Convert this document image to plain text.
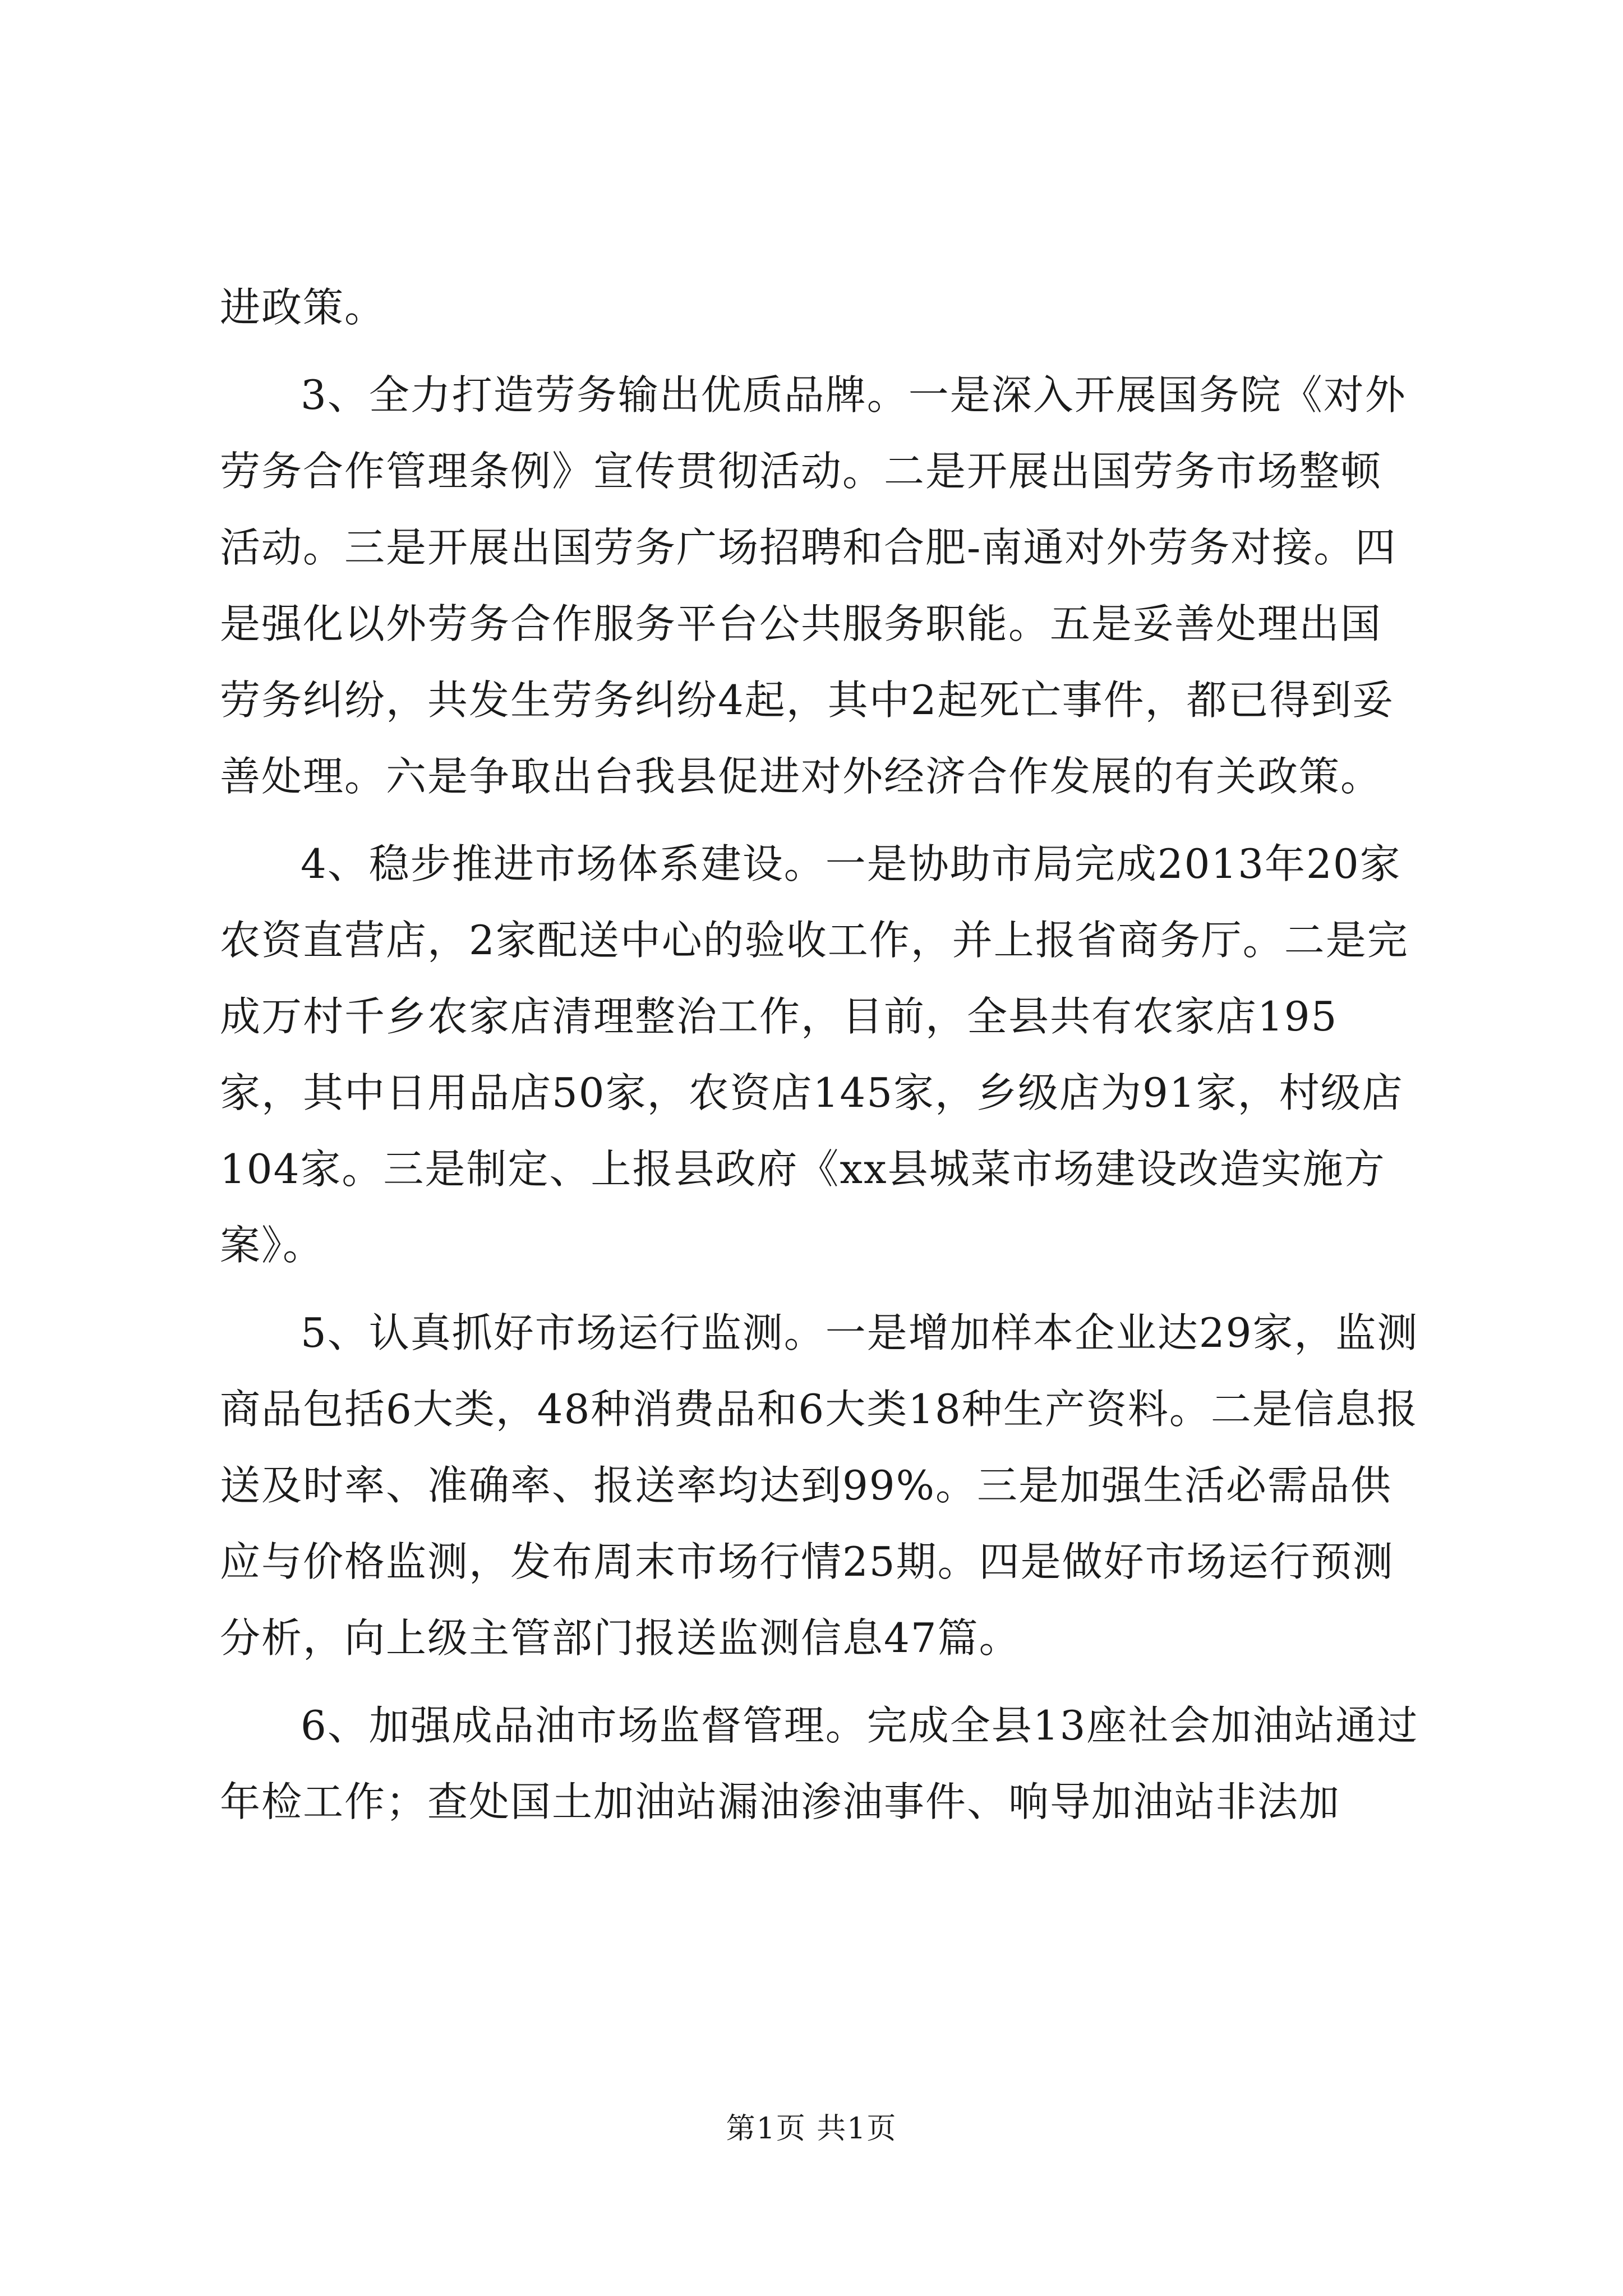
进政策。

3、全力打造劳务输出优质品牌。一是深入开展国务院《对外劳务合作管理条例》宣传贯彻活动。二是开展出国劳务市场整顿活动。三是开展出国劳务广场招聘和合肥-南通对外劳务对接。四是强化以外劳务合作服务平台公共服务职能。五是妥善处理出国劳务纠纷，共发生劳务纠纷4起，其中2起死亡事件，都已得到妥善处理。六是争取出台我县促进对外经济合作发展的有关政策。

4、稳步推进市场体系建设。一是协助市局完成2013年20家农资直营店，2家配送中心的验收工作，并上报省商务厅。二是完成万村千乡农家店清理整治工作，目前，全县共有农家店195家，其中日用品店50家，农资店145家，乡级店为91家，村级店104家。三是制定、上报县政府《xx县城菜市场建设改造实施方案》。

5、认真抓好市场运行监测。一是增加样本企业达29家，监测商品包括6大类，48种消费品和6大类18种生产资料。二是信息报送及时率、准确率、报送率均达到99%。三是加强生活必需品供应与价格监测，发布周末市场行情25期。四是做好市场运行预测分析，向上级主管部门报送监测信息47篇。

6、加强成品油市场监督管理。完成全县13座社会加油站通过年检工作；查处国土加油站漏油渗油事件、响导加油站非法加

第1页 共1页
